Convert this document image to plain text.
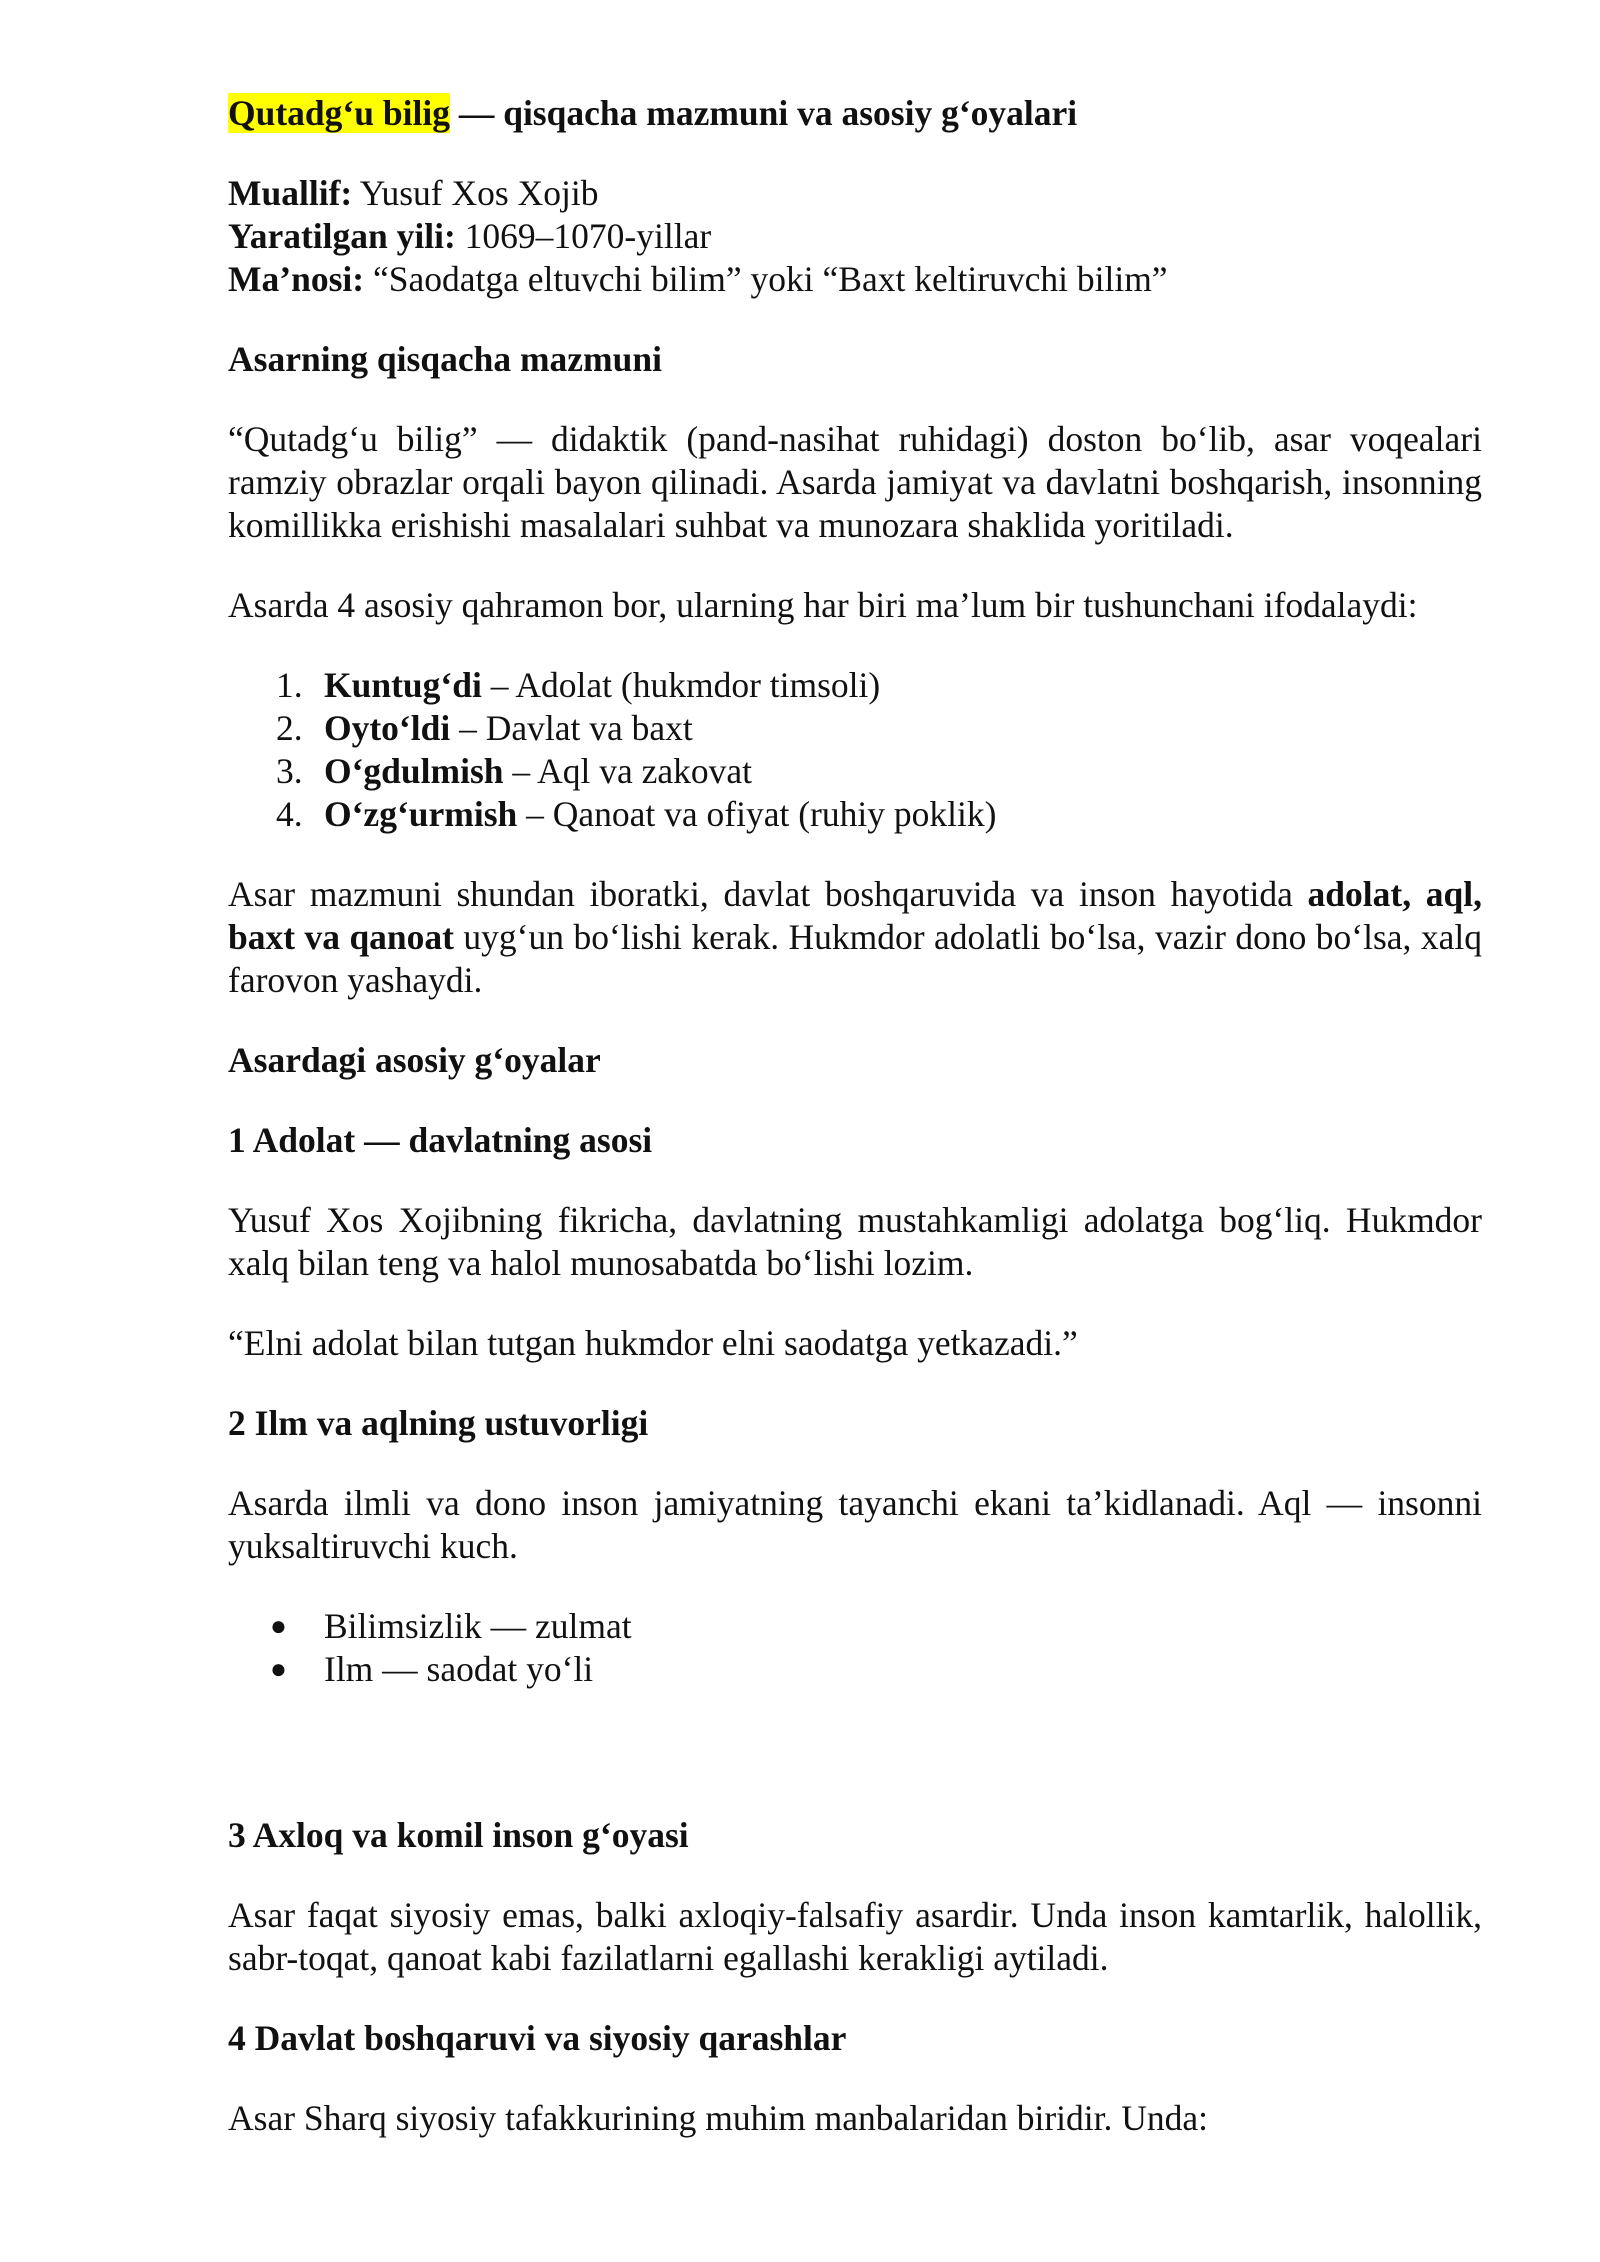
Qutadg‘u bilig — qisqacha mazmuni va asosiy g‘oyalari

Muallif: Yusuf Xos Xojib

Yaratilgan yili: 1069–1070-yillar

Ma’nosi: “Saodatga eltuvchi bilim” yoki “Baxt keltiruvchi bilim”

Asarning qisqacha mazmuni

“Qutadg‘u bilig” — didaktik (pand-nasihat ruhidagi) doston bo‘lib, asar voqealari ramziy obrazlar orqali bayon qilinadi. Asarda jamiyat va davlatni boshqarish, insonning komillikka erishishi masalalari suhbat va munozara shaklida yoritiladi.

Asarda 4 asosiy qahramon bor, ularning har biri ma’lum bir tushunchani ifodalaydi:

1. Kuntug‘di – Adolat (hukmdor timsoli)
2. Oyto‘ldi – Davlat va baxt
3. O‘gdulmish – Aql va zakovat
4. O‘zg‘urmish – Qanoat va ofiyat (ruhiy poklik)

Asar mazmuni shundan iboratki, davlat boshqaruvida va inson hayotida adolat, aql, baxt va qanoat uyg‘un bo‘lishi kerak. Hukmdor adolatli bo‘lsa, vazir dono bo‘lsa, xalq farovon yashaydi.

Asardagi asosiy g‘oyalar

1 Adolat — davlatning asosi

Yusuf Xos Xojibning fikricha, davlatning mustahkamligi adolatga bog‘liq. Hukmdor xalq bilan teng va halol munosabatda bo‘lishi lozim.

“Elni adolat bilan tutgan hukmdor elni saodatga yetkazadi.”

2 Ilm va aqlning ustuvorligi

Asarda ilmli va dono inson jamiyatning tayanchi ekani ta’kidlanadi. Aql — insonni yuksaltiruvchi kuch.

● Bilimsizlik — zulmat
● Ilm — saodat yo‘li

3 Axloq va komil inson g‘oyasi

Asar faqat siyosiy emas, balki axloqiy-falsafiy asardir. Unda inson kamtarlik, halollik, sabr-toqat, qanoat kabi fazilatlarni egallashi kerakligi aytiladi.

4 Davlat boshqaruvi va siyosiy qarashlar

Asar Sharq siyosiy tafakkurining muhim manbalaridan biridir. Unda:
